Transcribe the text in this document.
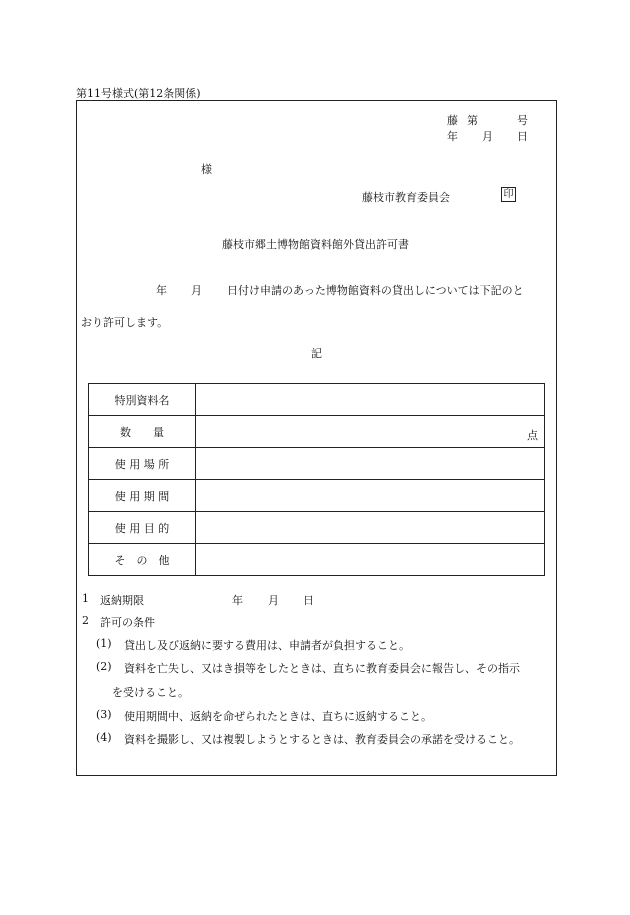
第11号様式(第12条関係)
藤 第	号
年 月 日
様
藤枝市教育委員会	印
藤枝市郷土博物館資料館外貸出許可書
年 月 日付け申請のあった博物館資料の貸出しについては下記のと
おり許可します。
記
特別資料名	
数　　量	点

使 用 場 所	
使 用 期 間	
使 用 目 的	
そ　の　他	
1 返納期限	年 月 日
2 許可の条件
(1) 貸出し及び返納に要する費用は、申請者が負担すること。
(2) 資料を亡失し、又はき損等をしたときは、直ちに教育委員会に報告し、その指示
を受けること。
(3) 使用期間中、返納を命ぜられたときは、直ちに返納すること。
(4) 資料を撮影し、又は複製しようとするときは、教育委員会の承諾を受けること。
